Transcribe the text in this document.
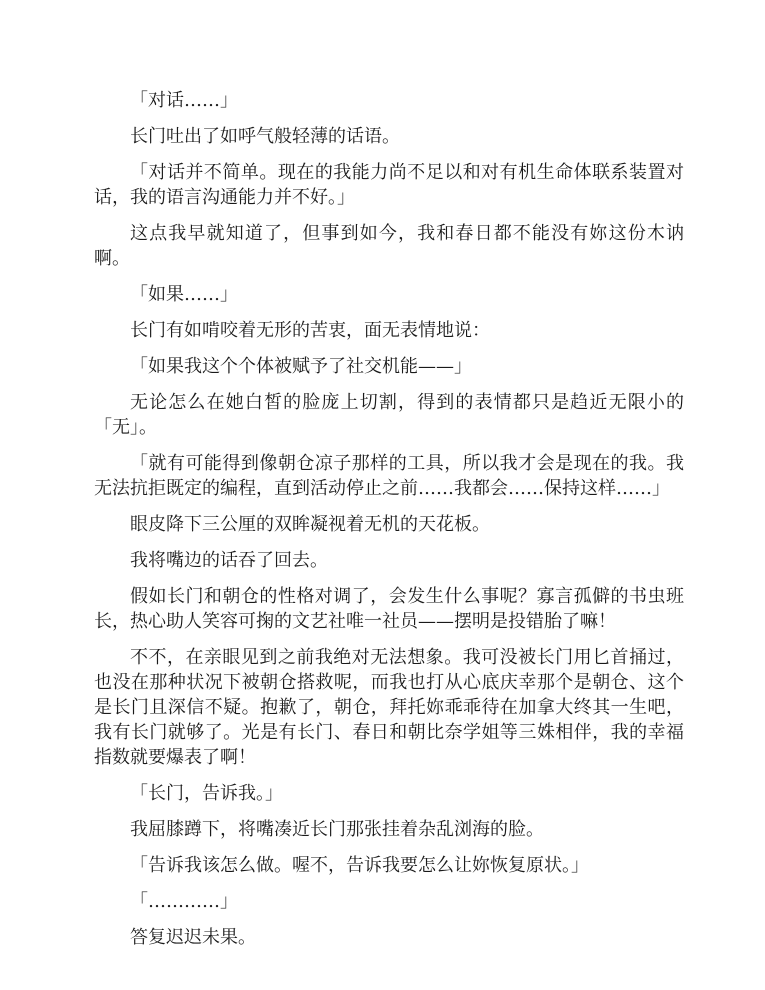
「对话……」

长门吐出了如呼气般轻薄的话语。

「对话并不简单。现在的我能力尚不足以和对有机生命体联系装置对话，我的语言沟通能力并不好。」

这点我早就知道了，但事到如今，我和春日都不能没有妳这份木讷啊。

「如果……」

长门有如啃咬着无形的苦衷，面无表情地说：

「如果我这个个体被赋予了社交机能——」

无论怎么在她白皙的脸庞上切割，得到的表情都只是趋近无限小的「无」。

「就有可能得到像朝仓凉子那样的工具，所以我才会是现在的我。我无法抗拒既定的编程，直到活动停止之前……我都会……保持这样……」

眼皮降下三公厘的双眸凝视着无机的天花板。

我将嘴边的话吞了回去。

假如长门和朝仓的性格对调了，会发生什么事呢？寡言孤僻的书虫班长，热心助人笑容可掬的文艺社唯一社员——摆明是投错胎了嘛！

不不，在亲眼见到之前我绝对无法想象。我可没被长门用匕首捅过，也没在那种状况下被朝仓搭救呢，而我也打从心底庆幸那个是朝仓、这个是长门且深信不疑。抱歉了，朝仓，拜托妳乖乖待在加拿大终其一生吧，我有长门就够了。光是有长门、春日和朝比奈学姐等三姝相伴，我的幸福指数就要爆表了啊！

「长门，告诉我。」

我屈膝蹲下，将嘴凑近长门那张挂着杂乱浏海的脸。

「告诉我该怎么做。喔不，告诉我要怎么让妳恢复原状。」

「…………」

答复迟迟未果。
